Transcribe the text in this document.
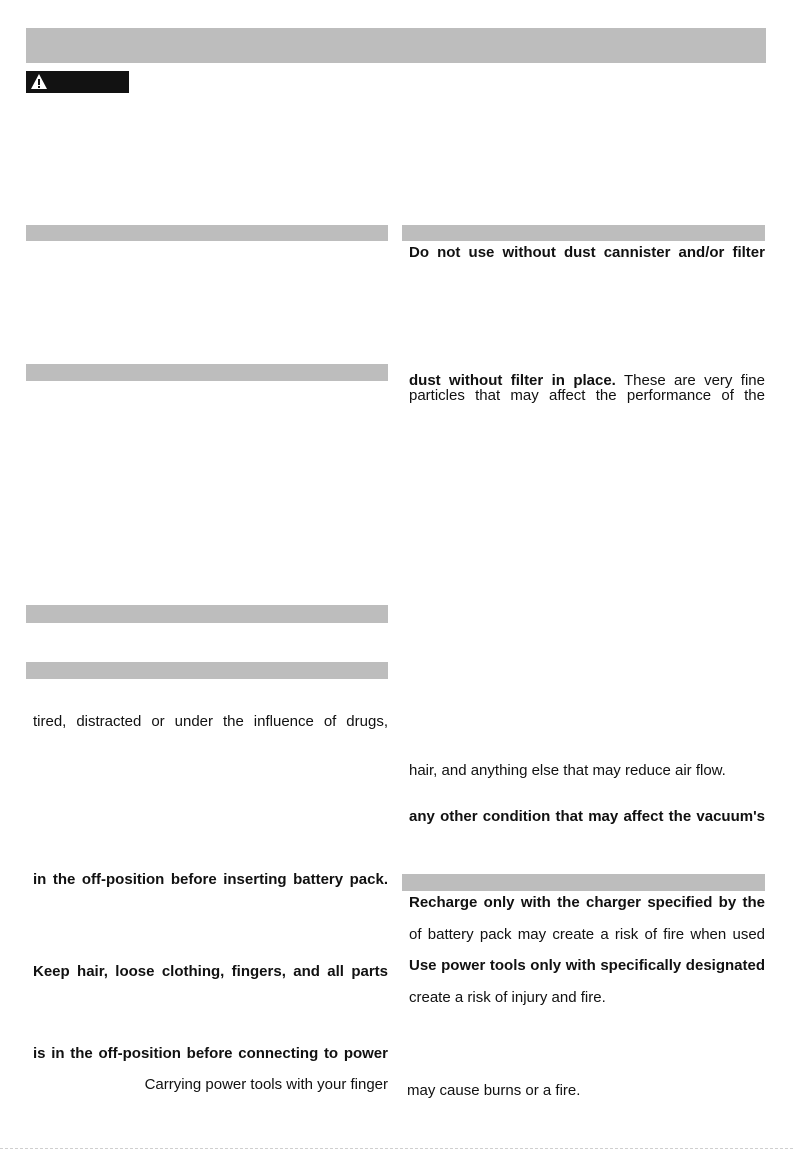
tired, distracted or under the influence of drugs,
in the off-position before inserting battery pack.
Keep hair, loose clothing, fingers, and all parts
is in the off-position before connecting to power
Carrying power tools with your finger
Do not use without dust cannister and/or filter
dust without filter in place. These are very fine
particles that may affect the performance of the
hair, and anything else that may reduce air flow.
any other condition that may affect the vacuum's
Recharge only with the charger specified by the
of battery pack may create a risk of fire when used
Use power tools only with specifically designated
create a risk of injury and fire.
may cause burns or a fire.
